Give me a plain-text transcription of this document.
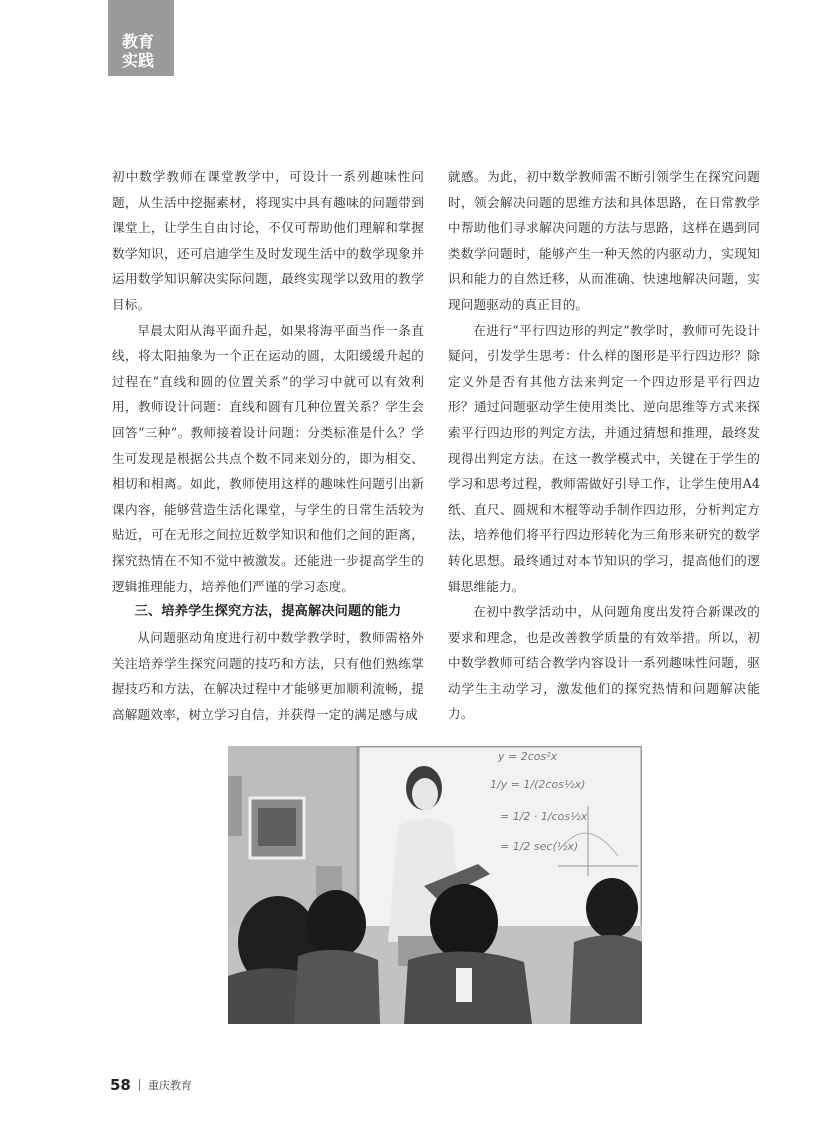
教育
实践

初中数学教师在课堂教学中，可设计一系列趣味性问题，从生活中挖掘素材，将现实中具有趣味的问题带到课堂上，让学生自由讨论，不仅可帮助他们理解和掌握数学知识，还可启迪学生及时发现生活中的数学现象并运用数学知识解决实际问题，最终实现学以致用的教学目标。

早晨太阳从海平面升起，如果将海平面当作一条直线，将太阳抽象为一个正在运动的圆，太阳缓缓升起的过程在“直线和圆的位置关系”的学习中就可以有效利用，教师设计问题：直线和圆有几种位置关系？学生会回答“三种”。教师接着设计问题：分类标准是什么？学生可发现是根据公共点个数不同来划分的，即为相交、相切和相离。如此，教师使用这样的趣味性问题引出新课内容，能够营造生活化课堂，与学生的日常生活较为贴近，可在无形之间拉近数学知识和他们之间的距离，探究热情在不知不觉中被激发。还能进一步提高学生的逻辑推理能力，培养他们严谨的学习态度。

三、培养学生探究方法，提高解决问题的能力

从问题驱动角度进行初中数学教学时，教师需格外关注培养学生探究问题的技巧和方法，只有他们熟练掌握技巧和方法，在解决过程中才能够更加顺利流畅，提高解题效率，树立学习自信，并获得一定的满足感与成

就感。为此，初中数学教师需不断引领学生在探究问题时，领会解决问题的思维方法和具体思路，在日常教学中帮助他们寻求解决问题的方法与思路，这样在遇到同类数学问题时，能够产生一种天然的内驱动力，实现知识和能力的自然迁移，从而准确、快速地解决问题，实现问题驱动的真正目的。

在进行“平行四边形的判定”教学时，教师可先设计疑问，引发学生思考：什么样的图形是平行四边形？除定义外是否有其他方法来判定一个四边形是平行四边形？通过问题驱动学生使用类比、逆向思维等方式来探索平行四边形的判定方法，并通过猜想和推理，最终发现得出判定方法。在这一教学模式中，关键在于学生的学习和思考过程，教师需做好引导工作，让学生使用A4纸、直尺、圆规和木棍等动手制作四边形，分析判定方法，培养他们将平行四边形转化为三角形来研究的数学转化思想。最终通过对本节知识的学习，提高他们的逻辑思维能力。

在初中教学活动中，从问题角度出发符合新课改的要求和理念，也是改善教学质量的有效举措。所以，初中数学教师可结合教学内容设计一系列趣味性问题，驱动学生主动学习，激发他们的探究热情和问题解决能力。

y = 2cos²x
1/y = 1/(2cos½x)
= 1/2 · 1/cos½x
= 1/2 sec(½x)
58 重庆教育
